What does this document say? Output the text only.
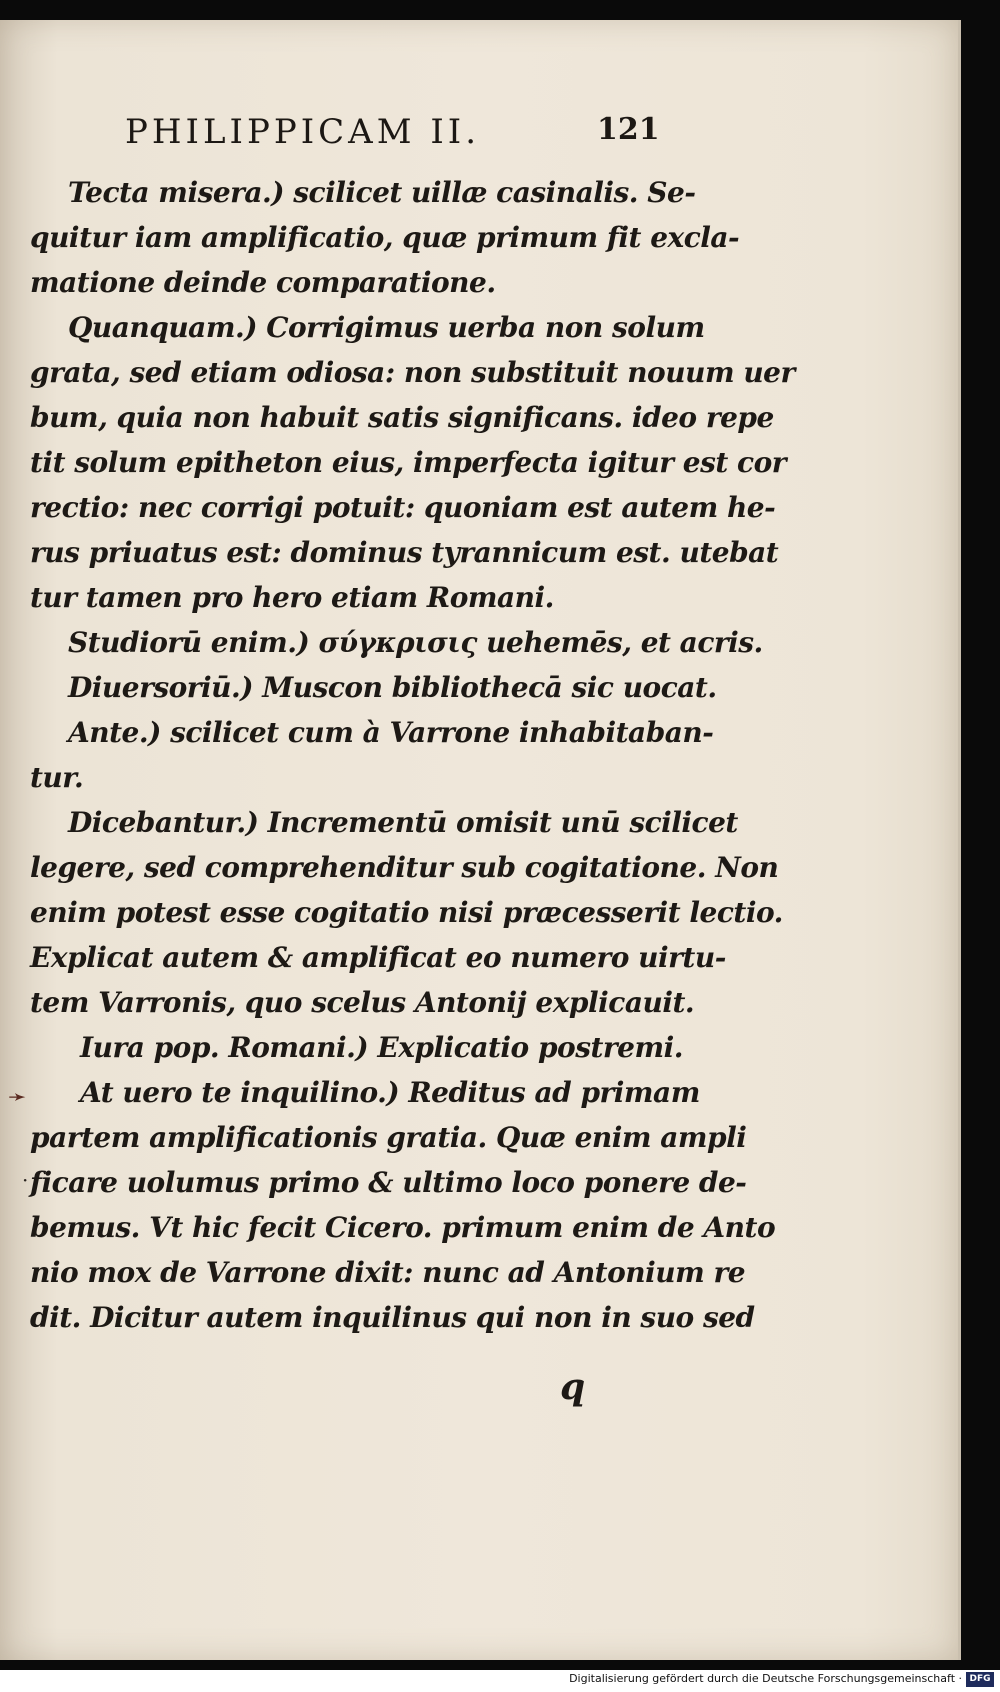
PHILIPPICAM II.	121
Tecta misera.) scilicet uillæ casinalis. Se-
quitur iam amplificatio, quæ primum fit excla-
matione deinde comparatione.
Quanquam.) Corrigimus uerba non solum
grata, sed etiam odiosa: non substituit nouum uer
bum, quia non habuit satis significans. ideo repe
tit solum epitheton eius, imperfecta igitur est cor
rectio: nec corrigi potuit: quoniam est autem he-
rus priuatus est: dominus tyrannicum est. utebat
tur tamen pro hero etiam Romani.
Studiorū enim.) σύγκρισις uehemēs, et acris.
Diuersoriū.) Muscon bibliothecā sic uocat.
Ante.) scilicet cum à Varrone inhabitaban-
tur.
Dicebantur.) Incrementū omisit unū scilicet
legere, sed comprehenditur sub cogitatione. Non
enim potest esse cogitatio nisi præcesserit lectio.
Explicat autem & amplificat eo numero uirtu-
tem Varronis, quo scelus Antonij explicauit.
Iura pop. Romani.) Explicatio postremi.
At uero te inquilino.) Reditus ad primam
partem amplificationis gratia. Quæ enim ampli
ficare uolumus primo & ultimo loco ponere de-
bemus. Vt hic fecit Cicero. primum enim de Anto
nio mox de Varrone dixit: nunc ad Antonium re
dit. Dicitur autem inquilinus qui non in suo sed
➛
·
q
Digitalisierung gefördert durch die Deutsche Forschungsgemeinschaft · DFG
